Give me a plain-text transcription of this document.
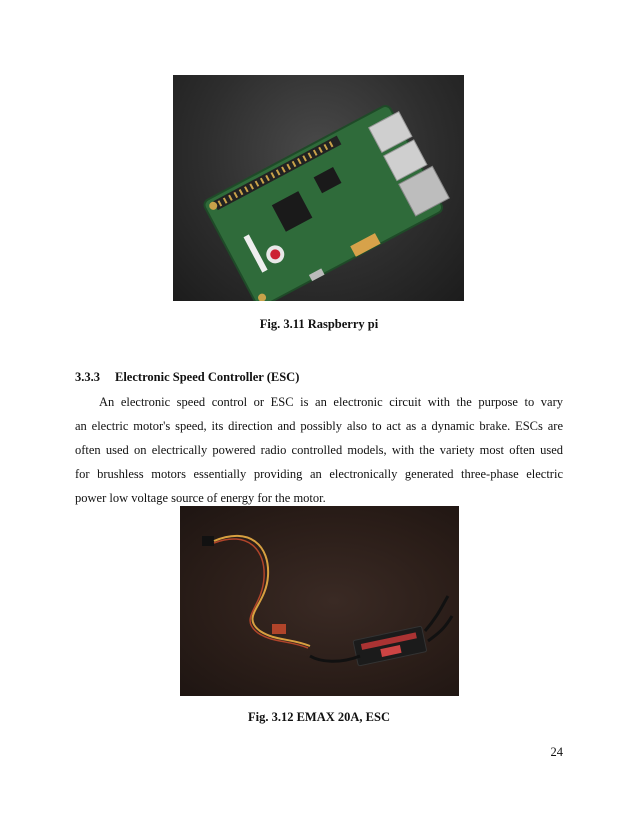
Fig. 3.11 Raspberry pi
3.3.3 Electronic Speed Controller (ESC)
An electronic speed control or ESC is an electronic circuit with the purpose to vary
an electric motor's speed, its direction and possibly also to act as a dynamic brake. ESCs are
often used on electrically powered radio controlled models, with the variety most often used
for brushless motors essentially providing an electronically generated three-phase electric
power low voltage source of energy for the motor.
Fig. 3.12 EMAX 20A, ESC
24
